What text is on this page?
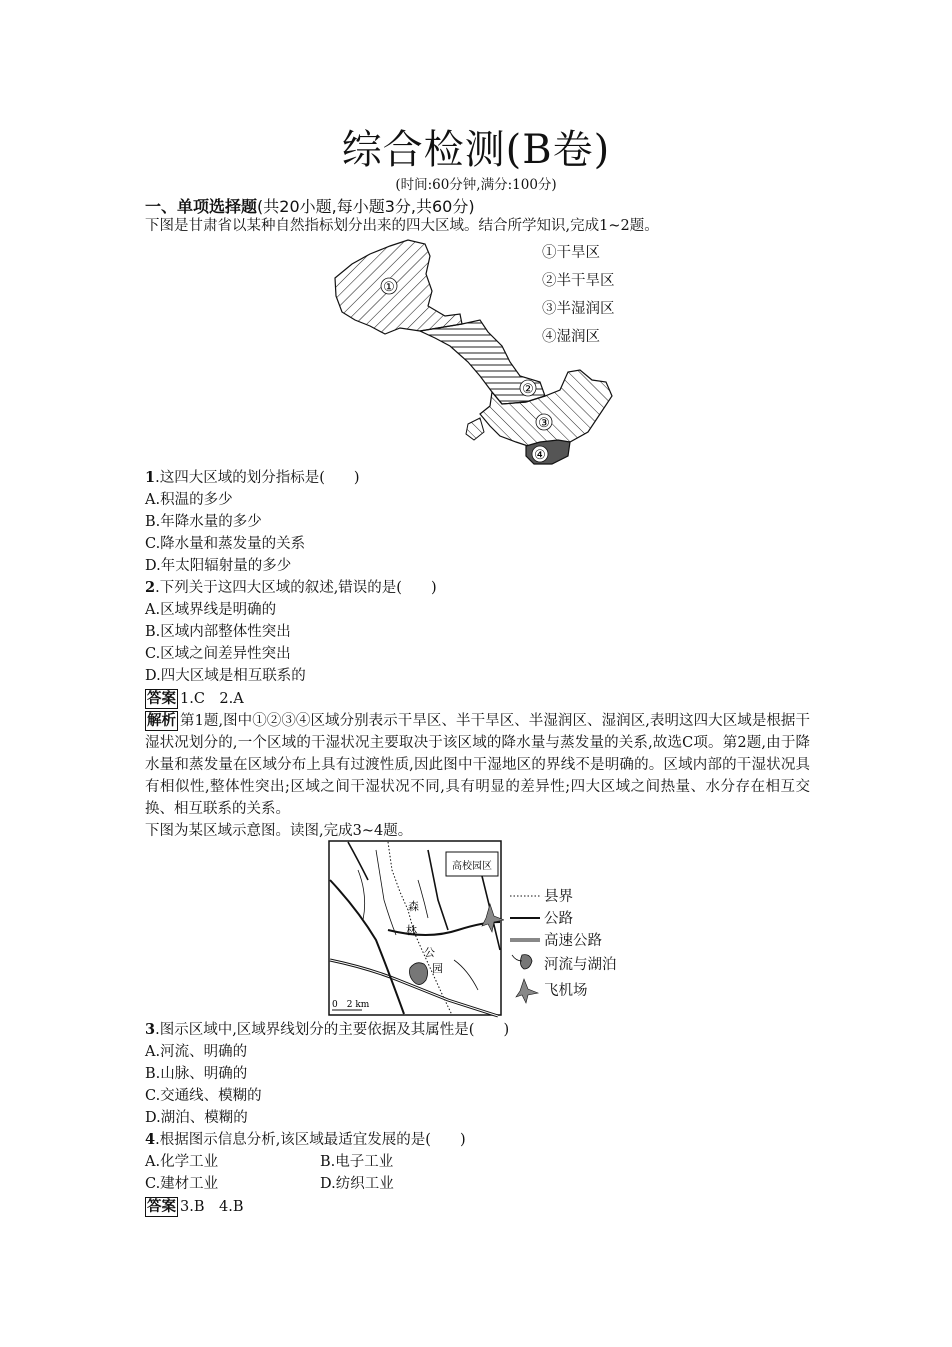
综合检测(B卷)
(时间:60分钟,满分:100分)
一、单项选择题(共20小题,每小题3分,共60分)
下图是甘肃省以某种自然指标划分出来的四大区域。结合所学知识,完成1~2题。
①
②
③
④
①干旱区
②半干旱区
③半湿润区
④湿润区
1.这四大区域的划分指标是(　　)
A.积温的多少
B.年降水量的多少
C.降水量和蒸发量的关系
D.年太阳辐射量的多少
2.下列关于这四大区域的叙述,错误的是(　　)
A.区域界线是明确的
B.区域内部整体性突出
C.区域之间差异性突出
D.四大区域是相互联系的
答案 1.C　2.A
解析 第1题,图中①②③④区域分别表示干旱区、半干旱区、半湿润区、湿润区,表明这四大区域是根据干湿状况划分的,一个区域的干湿状况主要取决于该区域的降水量与蒸发量的关系,故选C项。第2题,由于降水量和蒸发量在区域分布上具有过渡性质,因此图中干湿地区的界线不是明确的。区域内部的干湿状况具有相似性,整体性突出;区域之间干湿状况不同,具有明显的差异性;四大区域之间热量、水分存在相互交换、相互联系的关系。
下图为某区域示意图。读图,完成3~4题。
高校园区
森
林
公
园
0　2 km
县界
公路
高速公路
河流与湖泊
飞机场
3.图示区域中,区域界线划分的主要依据及其属性是(　　)
A.河流、明确的
B.山脉、明确的
C.交通线、模糊的
D.湖泊、模糊的
4.根据图示信息分析,该区域最适宜发展的是(　　)
A.化学工业	B.电子工业
C.建材工业	D.纺织工业
答案 3.B　4.B
